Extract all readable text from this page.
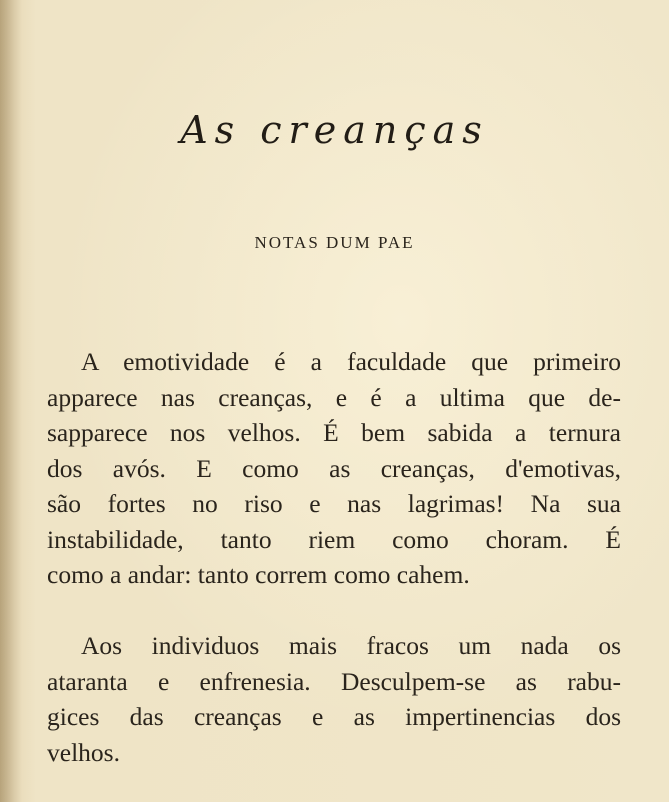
As creanças
NOTAS DUM PAE

A emotividade é a faculdade que primeiro
apparece nas creanças, e é a ultima que de-
sapparece nos velhos. É bem sabida a ternura
dos avós. E como as creanças, d'emotivas,
são fortes no riso e nas lagrimas! Na sua
instabilidade, tanto riem como choram. É
como a andar: tanto correm como cahem.

Aos individuos mais fracos um nada os
ataranta e enfrenesia. Desculpem-se as rabu-
gices das creanças e as impertinencias dos
velhos.
